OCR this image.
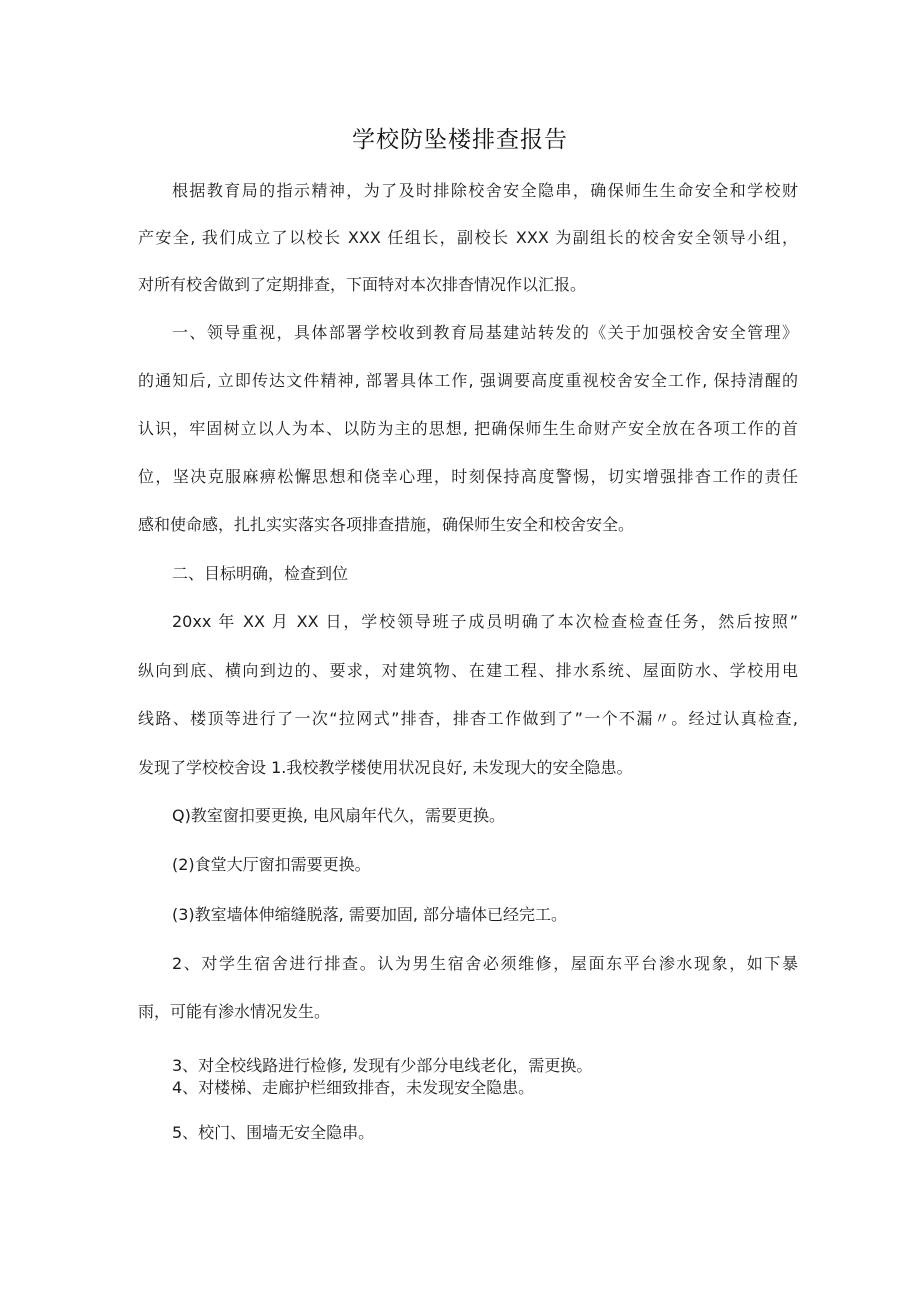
学校防坠楼排查报告
根据教育局的指示精神，为了及时排除校舍安全隐串，确保师生生命安全和学校财
产安全, 我们成立了以校长 XXX 任组长，副校长 XXX 为副组长的校舍安全领导小组，
对所有校舍做到了定期排查，下面特对本次排杳情况作以汇报。
一、领导重视，具体部署学校收到教育局基建站转发的《关于加强校舍安全管理》
的通知后, 立即传达文件精神, 部署具体工作, 强调要高度重视校舍安全工作, 保持清醒的
认识，牢固树立以人为本、以防为主的思想, 把确保师生生命财产安全放在各项工作的首
位，坚决克服麻痹松懈思想和侥幸心理，时刻保持高度警惕，切实增强排杳工作的责任
感和使命感，扎扎实实落实各项排查措施，确保师生安全和校舍安全。
二、目标明确，检查到位
20xx 年 XX 月 XX 日，学校领导班子成员明确了本次检查检查任务，然后按照”
纵向到底、横向到边的、要求，对建筑物、在建工程、排水系统、屋面防水、学校用电
线路、楼顶等进行了一次“拉网式”排杳，排杳工作做到了”一个不漏〃。经过认真检查,
发现了学校校舍设 1.我校教学楼使用状况良好, 未发现大的安全隐患。
Q)教室窗扣要更换, 电风扇年代久，需要更换。
(2)食堂大厅窗扣需要更换。
(3)教室墙体伸缩缝脱落, 需要加固, 部分墙体已经完工。
2、对学生宿舍进行排查。认为男生宿舍必须维修，屋面东平台渗水现象，如下暴
雨，可能有渗水情况发生。
3、对全校线路进行检修, 发现有少部分电线老化，需更换。
4、对楼梯、走廊护栏细致排杳，未发现安全隐患。
5、校门、围墙无安全隐串。
